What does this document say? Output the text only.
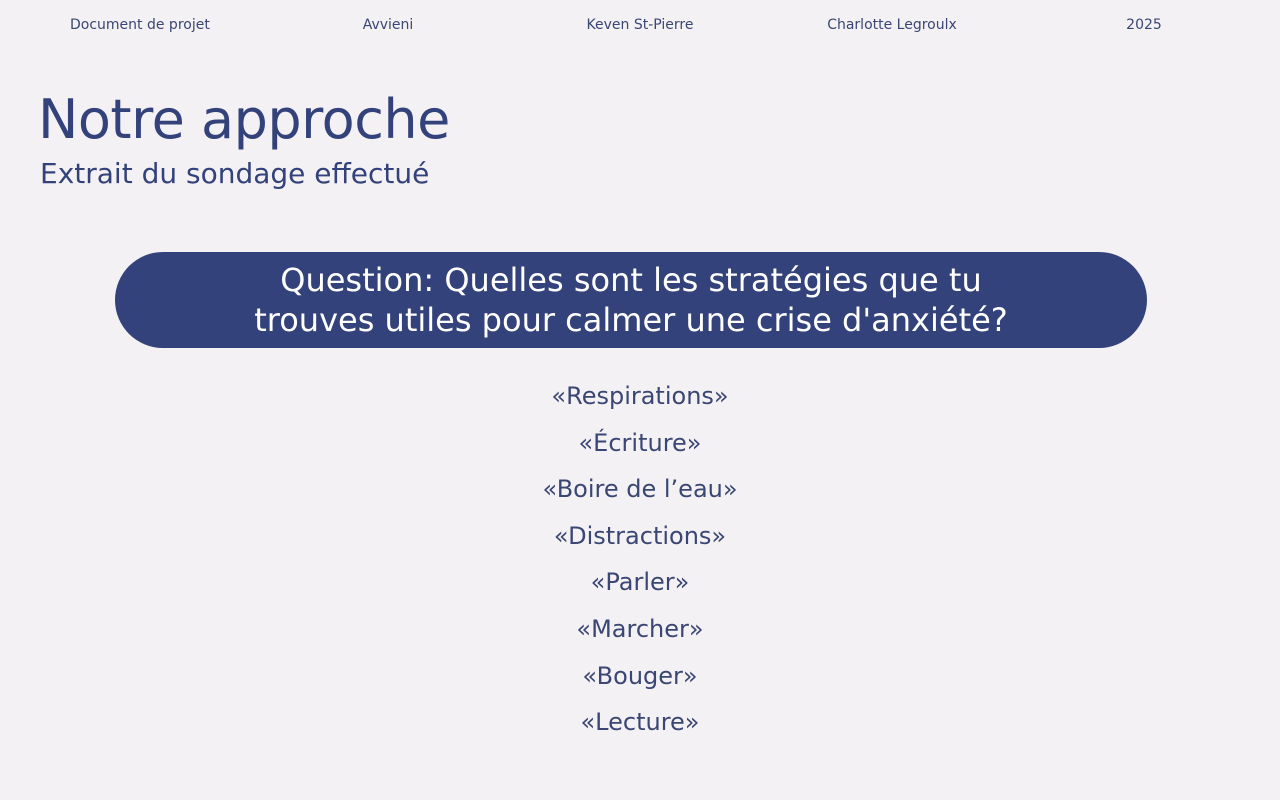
Document de projet	Avvieni	Keven St-Pierre	Charlotte Legroulx	2025
Notre approche
Extrait du sondage effectué

Question: Quelles sont les stratégies que tu trouves utiles pour calmer une crise d'anxiété?

«Respirations»
«Écriture»
«Boire de l’eau»
«Distractions»
«Parler»
«Marcher»
«Bouger»
«Lecture»
